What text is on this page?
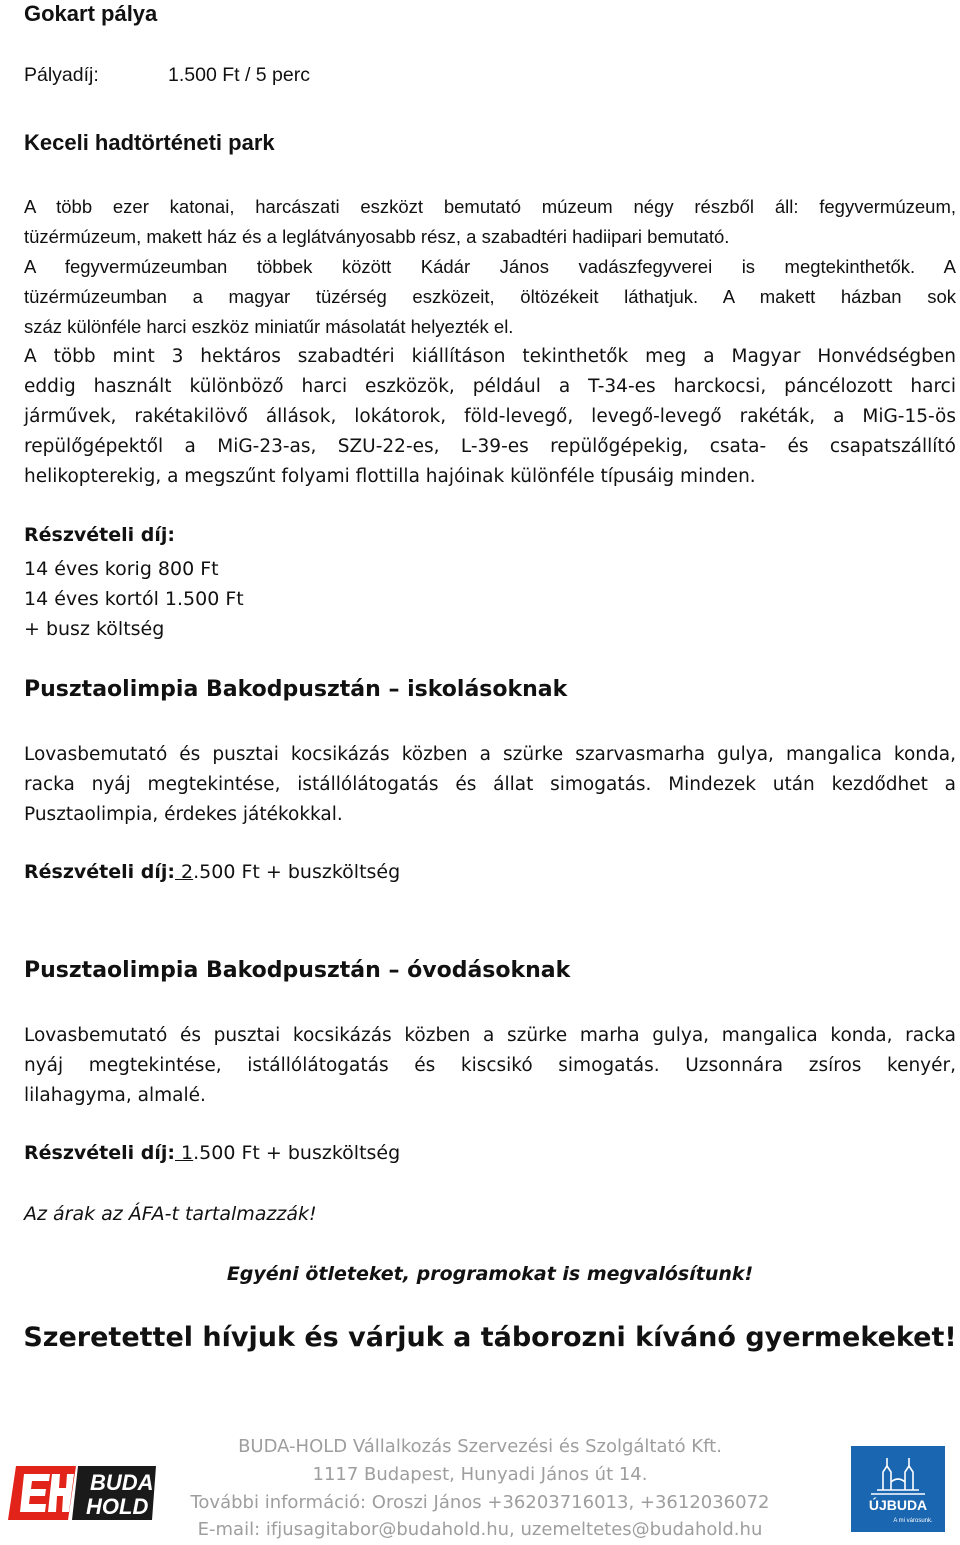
Gokart pálya
Pályadíj:	1.500 Ft / 5 perc
Keceli hadtörténeti park
A több ezer katonai, harcászati eszközt bemutató múzeum négy részből áll: fegyvermúzeum,
tüzérmúzeum, makett ház és a leglátványosabb rész, a szabadtéri hadiipari bemutató.
A fegyvermúzeumban többek között Kádár János vadászfegyverei is megtekinthetők. A
tüzérmúzeumban a magyar tüzérség eszközeit, öltözékeit láthatjuk. A makett házban sok
száz különféle harci eszköz miniatűr másolatát helyezték el.
A több mint 3 hektáros szabadtéri kiállításon tekinthetők meg a Magyar Honvédségben
eddig használt különböző harci eszközök, például a T-34-es harckocsi, páncélozott harci
járművek, rakétakilövő állások, lokátorok, föld-levegő, levegő-levegő rakéták, a MiG-15-ös
repülőgépektől a MiG-23-as, SZU-22-es, L-39-es repülőgépekig, csata- és csapatszállító
helikopterekig, a megszűnt folyami flottilla hajóinak különféle típusáig minden.
Részvételi díj:
14 éves korig 800 Ft
14 éves kortól 1.500 Ft
+ busz költség
Pusztaolimpia Bakodpusztán – iskolásoknak
Lovasbemutató és pusztai kocsikázás közben a szürke szarvasmarha gulya, mangalica konda,
racka nyáj megtekintése, istállólátogatás és állat simogatás. Mindezek után kezdődhet a
Pusztaolimpia, érdekes játékokkal.
Részvételi díj: 2.500 Ft + buszköltség
Pusztaolimpia Bakodpusztán – óvodásoknak
Lovasbemutató és pusztai kocsikázás közben a szürke marha gulya, mangalica konda, racka
nyáj megtekintése, istállólátogatás és kiscsikó simogatás. Uzsonnára zsíros kenyér,
lilahagyma, almalé.
Részvételi díj: 1.500 Ft + buszköltség
Az árak az ÁFA-t tartalmazzák!
Egyéni ötleteket, programokat is megvalósítunk!
Szeretettel hívjuk és várjuk a táborozni kívánó gyermekeket!
BUDA-HOLD Vállalkozás Szervezési és Szolgáltató Kft.
1117 Budapest, Hunyadi János út 14.
További információ: Oroszi János +36203716013, +3612036072
E-mail: ifjusagitabor@budahold.hu, uzemeltetes@budahold.hu
BUDA
HOLD	ÚJBUDA
A mi városunk.
